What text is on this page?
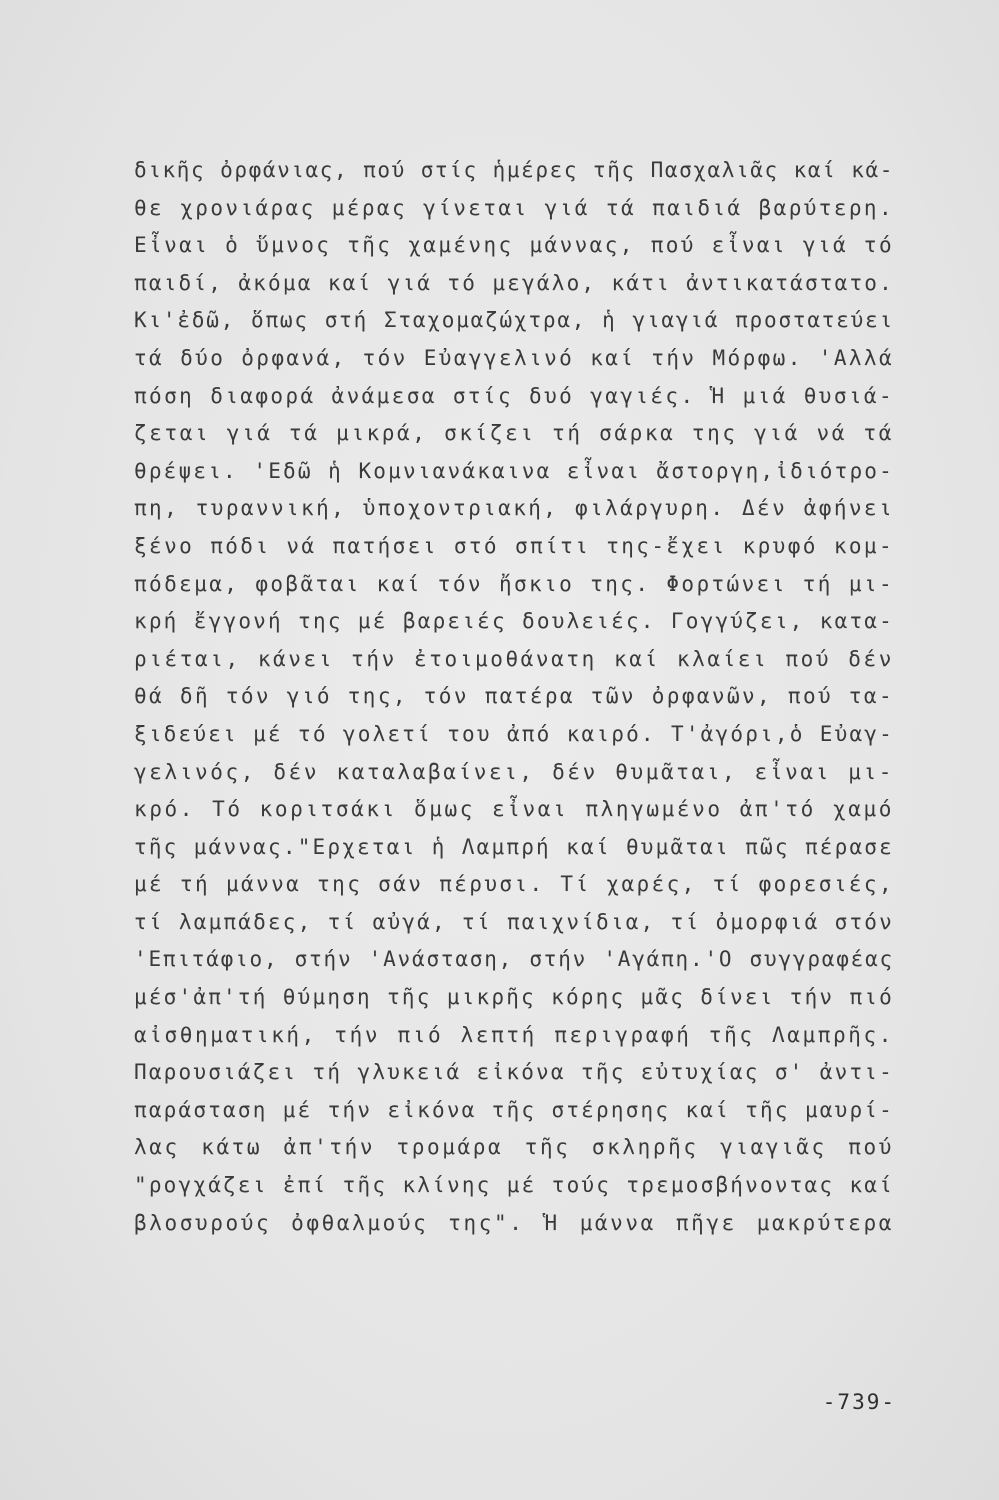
δικῆς ὀρφάνιας, πού στίς ἡμέρες τῆς Πασχαλιᾶς καί κά-
θε χρονιάρας μέρας γίνεται γιά τά παιδιά βαρύτερη.
Εἶναι ὁ ὕμνος τῆς χαμένης μάννας, πού εἶναι γιά τό
παιδί, ἀκόμα καί γιά τό μεγάλο, κάτι ἀντικατάστατο.
Κι'ἐδῶ, ὅπως στή Σταχομαζώχτρα, ἡ γιαγιά προστατεύει
τά δύο ὀρφανά, τόν Εὐαγγελινό καί τήν Μόρφω. 'Αλλά
πόση διαφορά ἀνάμεσα στίς δυό γαγιές. Ἡ μιά θυσιά-
ζεται γιά τά μικρά, σκίζει τή σάρκα της γιά νά τά
θρέψει. 'Εδῶ ἡ Κομνιανάκαινα εἶναι ἄστοργη,ἰδιότρο-
πη, τυραννική, ὑποχοντριακή, φιλάργυρη. Δέν ἀφήνει
ξένο πόδι νά πατήσει στό σπίτι της-ἔχει κρυφό κομ-
πόδεμα, φοβᾶται καί τόν ἤσκιο της. Φορτώνει τή μι-
κρή ἔγγονή της μέ βαρειές δουλειές. Γογγύζει, κατα-
ριέται, κάνει τήν ἐτοιμοθάνατη καί κλαίει πού δέν
θά δῆ τόν γιό της, τόν πατέρα τῶν ὀρφανῶν, πού τα-
ξιδεύει μέ τό γολετί του ἀπό καιρό. Τ'ἀγόρι,ὁ Εὐαγ-
γελινός, δέν καταλαβαίνει, δέν θυμᾶται, εἶναι μι-
κρό. Τό κοριτσάκι ὅμως εἶναι πληγωμένο ἀπ'τό χαμό
τῆς μάννας."Ερχεται ἡ Λαμπρή καί θυμᾶται πῶς πέρασε
μέ τή μάννα της σάν πέρυσι. Τί χαρές, τί φορεσιές,
τί λαμπάδες, τί αὐγά, τί παιχνίδια, τί ὀμορφιά στόν
'Επιτάφιο, στήν 'Ανάσταση, στήν 'Αγάπη.'Ο συγγραφέας
μέσ'ἀπ'τή θύμηση τῆς μικρῆς κόρης μᾶς δίνει τήν πιό
αἰσθηματική, τήν πιό λεπτή περιγραφή τῆς Λαμπρῆς.
Παρουσιάζει τή γλυκειά εἰκόνα τῆς εὐτυχίας σ' ἀντι-
παράσταση μέ τήν εἰκόνα τῆς στέρησης καί τῆς μαυρί-
λας κάτω ἀπ'τήν τρομάρα τῆς σκληρῆς γιαγιᾶς πού
"ρογχάζει ἐπί τῆς κλίνης μέ τούς τρεμοσβήνοντας καί
βλοσυρούς ὀφθαλμούς της". Ἡ μάννα πῆγε μακρύτερα
-739-
